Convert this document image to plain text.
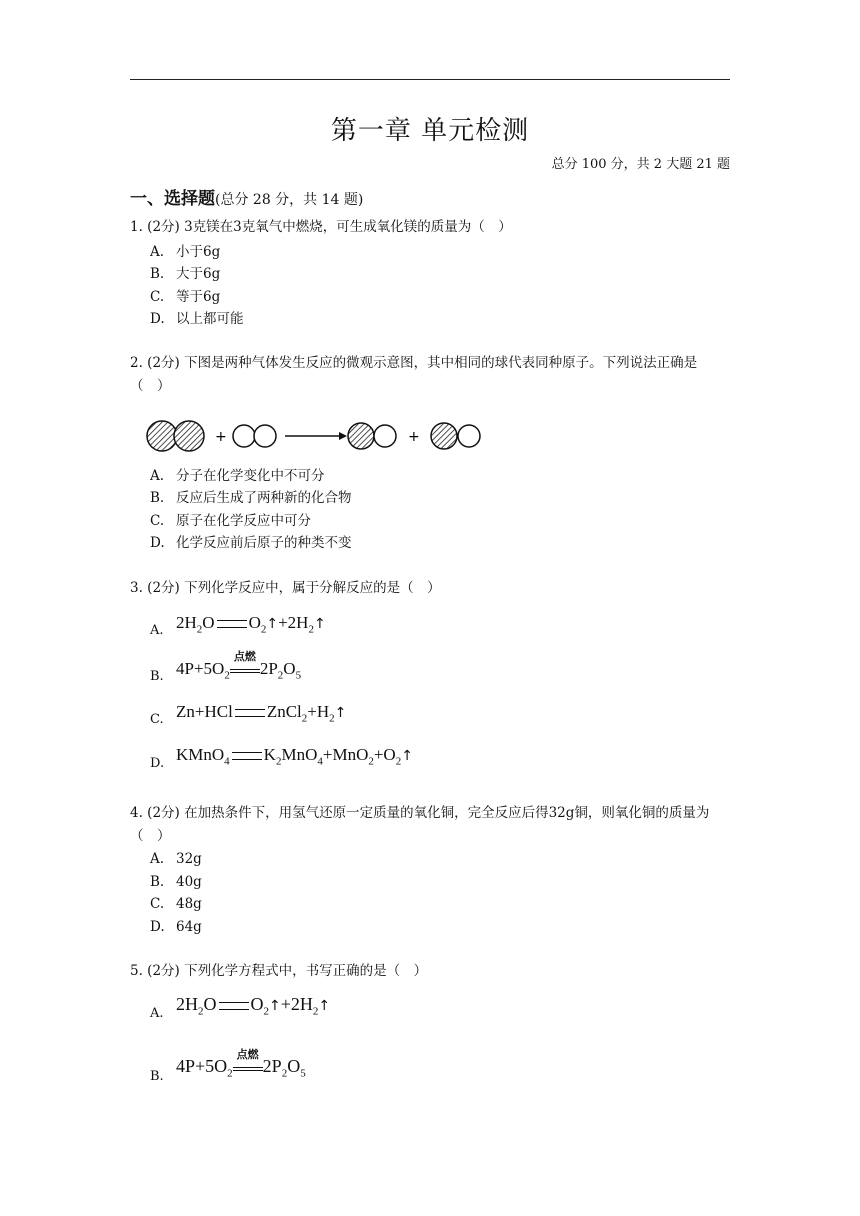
第一章 单元检测
总分 100 分，共 2 大题 21 题
一、选择题(总分 28 分，共 14 题)
1. (2分) 3克镁在3克氧气中燃烧，可生成氧化镁的质量为（　）
A. 小于6g
B. 大于6g
C. 等于6g
D. 以上都可能
2. (2分) 下图是两种气体发生反应的微观示意图，其中相同的球代表同种原子。下列说法正确是（　）
+	+
A. 分子在化学变化中不可分
B. 反应后生成了两种新的化合物
C. 原子在化学反应中可分
D. 化学反应前后原子的种类不变
3. (2分) 下列化学反应中，属于分解反应的是（　）
A. $2H_2O$ $O_2↑+2H_2↑$
B. $4P+5O_2$
点燃
$2P_2O_5$
C. Zn+HCl $ZnCl_2+H_2↑$
D. KMnO$_4$ $K_2MnO_4+MnO_2+O_2↑$
4. (2分) 在加热条件下，用氢气还原一定质量的氧化铜，完全反应后得32g铜，则氧化铜的质量为（　）
A. 32g
B. 40g
C. 48g
D. 64g
5. (2分) 下列化学方程式中，书写正确的是（　）
A. $2H_2O$ $O_2↑+2H_2↑$
B.
$4P+5O_2$
点燃
$2P_2O_5$
